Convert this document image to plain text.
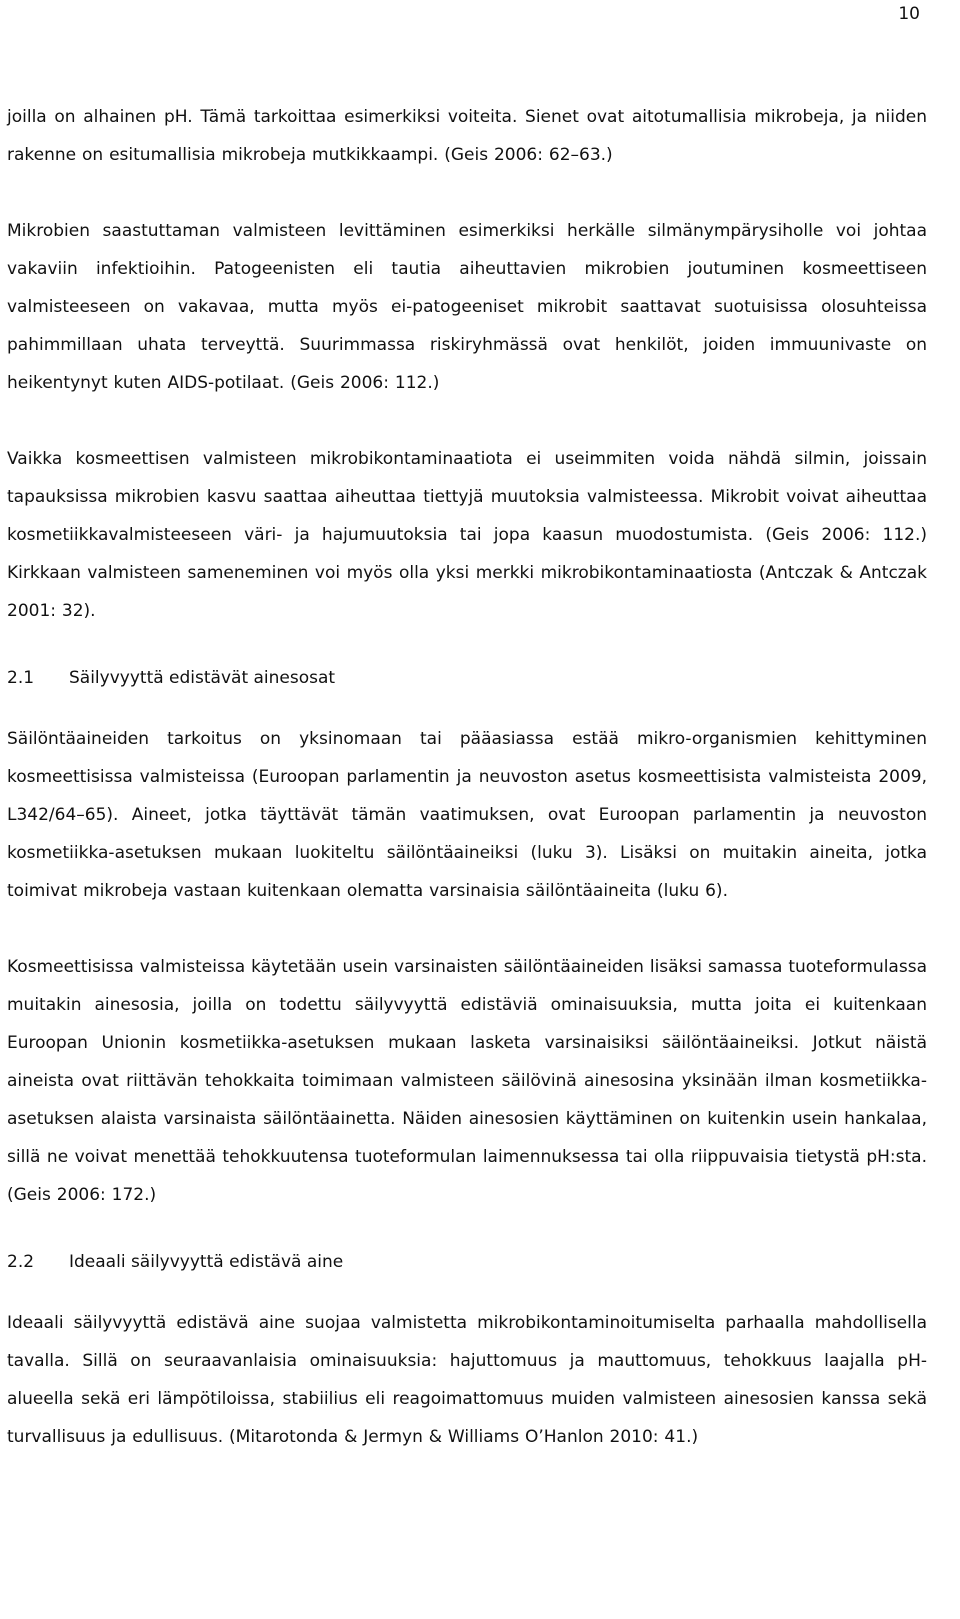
10

joilla on alhainen pH. Tämä tarkoittaa esimerkiksi voiteita. Sienet ovat aitotumallisia mikrobeja, ja niiden rakenne on esitumallisia mikrobeja mutkikkaampi. (Geis 2006: 62–63.)

Mikrobien saastuttaman valmisteen levittäminen esimerkiksi herkälle silmänympärysiholle voi johtaa vakaviin infektioihin. Patogeenisten eli tautia aiheuttavien mikrobien joutuminen kosmeettiseen valmisteeseen on vakavaa, mutta myös ei-patogeeniset mikrobit saattavat suotuisissa olosuhteissa pahimmillaan uhata terveyttä. Suurimmassa riskiryhmässä ovat henkilöt, joiden immuunivaste on heikentynyt kuten AIDS-potilaat. (Geis 2006: 112.)

Vaikka kosmeettisen valmisteen mikrobikontaminaatiota ei useimmiten voida nähdä silmin, joissain tapauksissa mikrobien kasvu saattaa aiheuttaa tiettyjä muutoksia valmisteessa. Mikrobit voivat aiheuttaa kosmetiikkavalmisteeseen väri- ja hajumuutoksia tai jopa kaasun muodostumista. (Geis 2006: 112.) Kirkkaan valmisteen sameneminen voi myös olla yksi merkki mikrobikontaminaatiosta (Antczak & Antczak 2001: 32).

2.1	Säilyvyyttä edistävät ainesosat

Säilöntäaineiden tarkoitus on yksinomaan tai pääasiassa estää mikro-organismien kehittyminen kosmeettisissa valmisteissa (Euroopan parlamentin ja neuvoston asetus kosmeettisista valmisteista 2009, L342/64–65). Aineet, jotka täyttävät tämän vaatimuksen, ovat Euroopan parlamentin ja neuvoston kosmetiikka-asetuksen mukaan luokiteltu säilöntäaineiksi (luku 3). Lisäksi on muitakin aineita, jotka toimivat mikrobeja vastaan kuitenkaan olematta varsinaisia säilöntäaineita (luku 6).

Kosmeettisissa valmisteissa käytetään usein varsinaisten säilöntäaineiden lisäksi samassa tuoteformulassa muitakin ainesosia, joilla on todettu säilyvyyttä edistäviä ominaisuuksia, mutta joita ei kuitenkaan Euroopan Unionin kosmetiikka-asetuksen mukaan lasketa varsinaisiksi säilöntäaineiksi. Jotkut näistä aineista ovat riittävän tehokkaita toimimaan valmisteen säilövinä ainesosina yksinään ilman kosmetiikka-asetuksen alaista varsinaista säilöntäainetta. Näiden ainesosien käyttäminen on kuitenkin usein hankalaa, sillä ne voivat menettää tehokkuutensa tuoteformulan laimennuksessa tai olla riippuvaisia tietystä pH:sta. (Geis 2006: 172.)

2.2	Ideaali säilyvyyttä edistävä aine

Ideaali säilyvyyttä edistävä aine suojaa valmistetta mikrobikontaminoitumiselta parhaalla mahdollisella tavalla. Sillä on seuraavanlaisia ominaisuuksia: hajuttomuus ja mauttomuus, tehokkuus laajalla pH-alueella sekä eri lämpötiloissa, stabiilius eli reagoimattomuus muiden valmisteen ainesosien kanssa sekä turvallisuus ja edullisuus. (Mitarotonda & Jermyn & Williams O’Hanlon 2010: 41.)
